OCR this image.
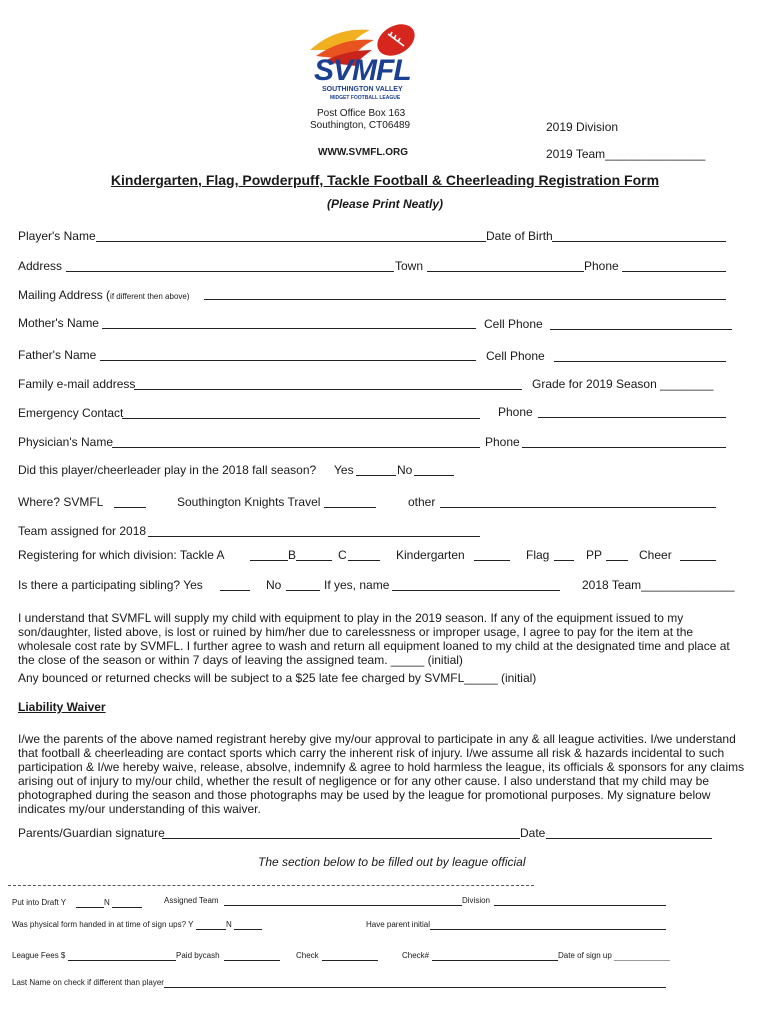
SVMFL
SOUTHINGTON VALLEY
MIDGET FOOTBALL LEAGUE
Post Office Box 163
Southington, CT06489
WWW.SVMFL.ORG
2019 Division
2019 Team_______________
Kindergarten, Flag, Powderpuff, Tackle Football & Cheerleading Registration Form
(Please Print Neatly)
Player's Name	Date of Birth
Address	Town	Phone
Mailing Address (if different then above)
Mother's Name	Cell Phone
Father's Name	Cell Phone
Family e-mail address	Grade for 2019 Season ________
Emergency Contact	Phone
Physician's Name	Phone
Did this player/cheerleader play in the 2018 fall season? Yes	No
Where? SVMFL	Southington Knights Travel	other
Team assigned for 2018
Registering for which division: Tackle A	B	C	Kindergarten	Flag	PP	Cheer
Is there a participating sibling? Yes	No	If yes, name	2018 Team______________
I understand that SVMFL will supply my child with equipment to play in the 2019 season. If any of the equipment issued to my son/daughter, listed above, is lost or ruined by him/her due to carelessness or improper usage, I agree to pay for the item at the wholesale cost rate by SVMFL. I further agree to wash and return all equipment loaned to my child at the designated time and place at the close of the season or within 7 days of leaving the assigned team. _____ (initial)
Any bounced or returned checks will be subject to a $25 late fee charged by SVMFL_____ (initial)
Liability Waiver
I/we the parents of the above named registrant hereby give my/our approval to participate in any & all league activities. I/we understand that football & cheerleading are contact sports which carry the inherent risk of injury. I/we assume all risk & hazards incidental to such participation & I/we hereby waive, release, absolve, indemnify & agree to hold harmless the league, its officials & sponsors for any claims arising out of injury to my/our child, whether the result of negligence or for any other cause. I also understand that my child may be photographed during the season and those photographs may be used by the league for promotional purposes. My signature below indicates my/our understanding of this waiver.
Parents/Guardian signature	Date
The section below to be filled out by league official
Put into Draft Y	N	Assigned Team	Division
Was physical form handed in at time of sign ups? Y	N	Have parent initial
League Fees $	Paid bycash	Check	Check#	Date of sign up
Last Name on check if different than player
